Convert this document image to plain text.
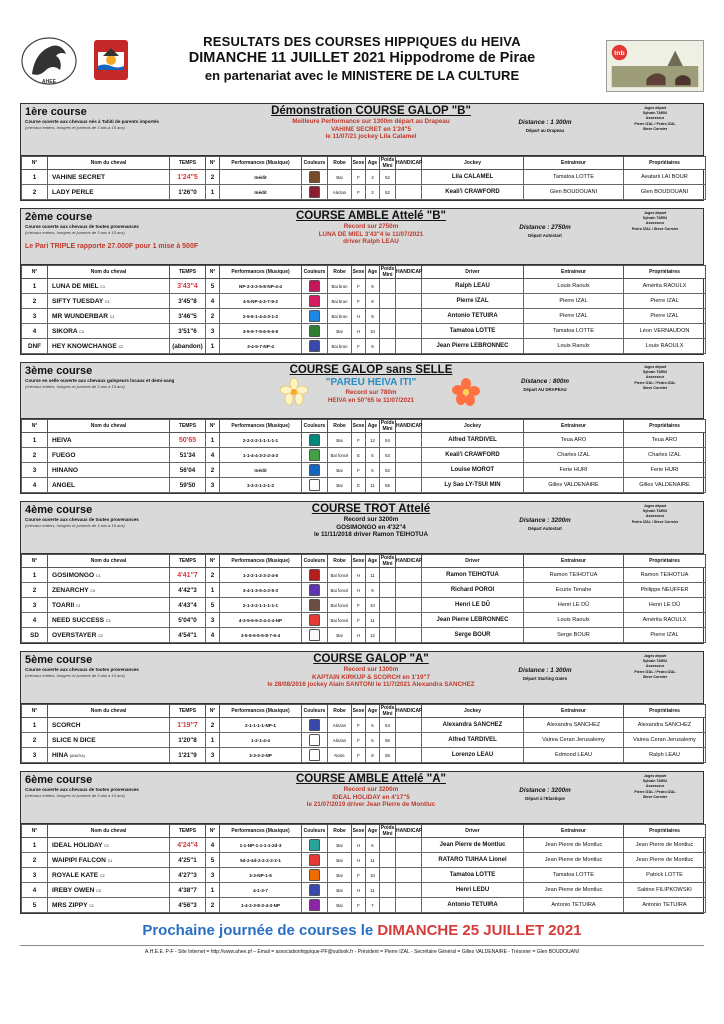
AHEE
RESULTATS DES COURSES HIPPIQUES du HEIVA
DIMANCHE 11 JUILLET 2021 Hippodrome de Pirae
en partenariat avec le MINISTERE DE LA CULTURE
tnb
1ère course
Course ouverte aux chevaux nés à Tahiti de parents importés
(chevaux entiers, hongres et juments de 3 ans à 15 ans)
Démonstration COURSE GALOP "B"
Meilleure Performance sur 1300m départ au Drapeau
VAHINE SECRET en 1'24"5
le 11/07/21 jockey Lila Calamel
Distance : 1 300m
Départ au Drapeau
Juges départ
Sylvain TARIU
Assesseur
Pierre IZAL / Pedro IZAL
Steve Cormier
N°	Nom du cheval	TEMPS	N°	Performances (Musique)	Couleurs	Robe	Sexe	Age	Poids Mini	HANDICAP	Jockey	Entraineur	Propriétaires
1	VAHINE SECRET	1'24"5	2	Inédit		Bai	F	3	52		Lila CALAMEL	Tamatoa LOTTE	Aeatarii LAI BOUR
2	LADY PERLE	1'26"0	1	Inédit		Alezan	F	3	52		Keali'i CRAWFORD	Glen BOUDOUANI	Glen BOUDOUANI
2ème course
Course ouverte aux chevaux de toutes provenances
(chevaux entiers, hongres et juments de 3 ans à 15 ans)
COURSE AMBLE Attelé "B"
Record sur 2750m
LUNA DE MIEL 3'43"4 le 11/07/2021
driver Ralph LEAU
Le Pari TRIPLE rapporte 27.000F pour 1 mise à 500F
Distance : 2750m
Départ Autostart
Juges départ
Sylvain TARIU
Assesseur
Pedro IZAL / Steve Cormier
N°	Nom du cheval	TEMPS	N°	Performances (Musique)	Couleurs	Robe	Sexe	Age	Poids Mini	HANDICAP	Driver	Entraineur	Propriétaires
1	LUNA DE MIEL C1	3'43"4	5	NP-2-3-2-5-8-NP-4-4		Bai brun	F	9			Ralph LEAU	Louis Raoulx	Amérita RAOULX
2	SIFTY TUESDAY C1	3'45"8	4	4-5-NP-4-3-7-9-2		Bai brun	F	9			Pierre IZAL	Pierre IZAL	Pierre IZAL
3	MR WUNDERBAR C1	3'46"5	2	2-5-6-1-4-4-3-1-2		Bai brun	H	9			Antonio TETUIRA	Pierre IZAL	Pierre IZAL
4	SIKORA C3	3'51"6	3	3-5-9-7-5-6-5-6-9		Bai	H	10			Tamatoa LOTTE	Tamatoa LOTTE	Léon VERNAUDON
DNF	HEY KNOWCHANGE C2	(abandon)	1	3-4-5-7-NP-4		Bai brun	F	9			Jean Pierre LEBRONNEC	Louis Raoulx	Louis RAOULX
3ème course
Course en selle ouverte aux chevaux galopeurs locaux et demi-sang
(chevaux entiers, hongres et juments de 3 ans à 15 ans)
COURSE GALOP sans SELLE
"PAREU HEIVA ITI"
Record sur 780m
HEIVA en 50"65 le 11/07/2021
Distance : 800m
Départ AU DRAPEAU
Juges départ
Sylvain TARIU
Assesseur
Pierre IZAL / Pedro IZAL
Steve Cormier
N°	Nom du cheval	TEMPS	N°	Performances (Musique)	Couleurs	Robe	Sexe	Age	Poids Mini	HANDICAP	Jockey	Entraineur	Propriétaires
1	HEIVA	50'65	1	2-2-2-2-1-1-1-1-1		Bai	F	12	54		Alfred TARDIVEL	Teua ARO	Teua ARO
2	FUEGO	51'34	4	1-1-4-4-3-2-2-4-3		Bai foncé	E	5	53		Keali'i CRAWFORD	Charles IZAL	Charles IZAL
3	HINANO	56'04	2	Inédit		Bai	F	6	52		Louise MOROT	Ferie HURI	Ferie HURI
4	ANGEL	59'50	3	3-3-2-1-2-1-2		Bai	E	11	55		Ly Sao LY-TSUI MIN	Gilles VALDENAIRE	Gilles VALDENAIRE
4ème course
Course ouverte aux chevaux de toutes provenances
(chevaux entiers, hongres et juments de 3 ans à 15 ans)
COURSE TROT Attelé
Record sur 3200m
GOSIMONGO en 4'32"4
le 11/11/2018 driver Ramon TEIHOTUA
Distance : 3200m
Départ Autostart
Juges départ
Sylvain TARIU
Assesseur
Pedro IZAL / Steve Cormier
N°	Nom du cheval	TEMPS	N°	Performances (Musique)	Couleurs	Robe	Sexe	Age	Poids Mini	HANDICAP	Driver	Entraineur	Propriétaires
1	GOSIMONGO C1	4'41"7	2	1-2-2-1-2-3-2-4-6		Bai foncé	H	11			Ramon TEIHOTUA	Ramon TEIHOTUA	Ramon TEIHOTUA
2	ZENARCHY C3	4'42"3	1	3-4-1-3-5-4-2-5-3		Bai foncé	H	9			Richard POROI	Ecurie Tenahe	Philippe NEUFFER
3	TOARII C1	4'43"4	5	2-1-3-2-1-1-1-1-1		Bai foncé	F	10			Henri LE DÛ	Henri LE DÛ	Henri LE DÛ
4	NEED SUCCESS C3	5'04"0	3	4-3-5-5-6-2-4-2-4-NP		Bai foncé	F	11			Jean Pierre LEBRONNEC	Louis Raoulx	Amérita RAOULX
SD	OVERSTAYER C2	4'54"1	4	3-5-5-6-5-5-8-7-6-4		Bai	H	12			Serge BOUR	Serge BOUR	Pierre IZAL
5ème course
Course ouverte aux chevaux de toutes provenances
(chevaux entiers, hongres et juments de 3 ans à 15 ans)
COURSE GALOP "A"
Record sur 1300m
KAPTAIN KIRKUP & SCORCH en 1'19"7
le 28/08/2016 jockey Alain SANTONI le 11/7/2021 Alexandra SANCHEZ
Distance : 1 300m
Départ Starting Gates
Juges départ
Sylvain TARIU
Assesseur
Pierre IZAL / Pedro IZAL
Steve Cormier
N°	Nom du cheval	TEMPS	N°	Performances (Musique)	Couleurs	Robe	Sexe	Age	Poids Mini	HANDICAP	Jockey	Entraineur	Propriétaires
1	SCORCH	1'19"7	2	2-1-1-1-1-NP-1		Alezan	F	5	54		Alexandra SANCHEZ	Alexandra SANCHEZ	Alexandra SANCHEZ
2	SLICE N DICE	1'20"8	1	1-2-1-4-4		Alezan	F	6	56		Alfred TARDIVEL	Vairea Ceran Jerusalemy	Vairea Ceran Jerusalemy
3	HINA (ANATIA)	1'21"9	3	3-3-3-2-NP		Noire	F	8	56		Lorenzo LEAU	Edmond LEAU	Ralph LEAU
6ème course
Course ouverte aux chevaux de toutes provenances
(chevaux entiers, hongres et juments de 3 ans à 15 ans)
COURSE AMBLE Attelé "A"
Record sur 3200m
IDEAL HOLIDAY en 4'17"5
le 21/07/2019 driver Jean Pierre de Montluc
Distance : 3200m
Départ à l'Elastique
Juges départ
Sylvain TARIU
Assesseur
Pierre IZAL / Pedro IZAL
Steve Cormier
N°	Nom du cheval	TEMPS	N°	Performances (Musique)	Couleurs	Robe	Sexe	Age	Poids Mini	HANDICAP	Driver	Entraineur	Propriétaires
1	IDEAL HOLIDAY C1	4'24"4	4	1-1-NP-1-1-1-1-2d-3		Bai	H	6			Jean Pierre de Montluc	Jean Pierre de Montluc	Jean Pierre de Montluc
2	WAIPIPI FALCON C1	4'25"1	5	5d-2-4d-2-2-2-2-2-1		Bai	H	11			RATARO TUIHAA Lionel	Jean Pierre de Montluc	Jean Pierre de Montluc
3	ROYALE KATE C2	4'27"3	3	3-3-NP-1-5		Bai	F	10			Tamatoa LOTTE	Tamatoa LOTTE	Patrick LOTTE
4	IREBY OWEN C2	4'38"7	1	4-1-3-7		Bai	H	11			Henri LEDU	Jean Pierre de Montluc	Sabine FILIPKOWSKI
5	MRS ZIPPY C1	4'56"3	2	1-4-2-3-8-3-4-3-NP		Bai	F	7			Antonio TETUIRA	Antonio TETUIRA	Antonio TETUIRA
Prochaine journée de courses le DIMANCHE 25 JUILLET 2021
A.H.E.E. P-F - Site Internet = http://www.ahee.pf – Email = associationhippique-PF@outlook.fr - Président = Pierre IZAL - Secrétaire Général = Gilles VALDENAIRE - Trésorier = Glen BOUDOUANI
